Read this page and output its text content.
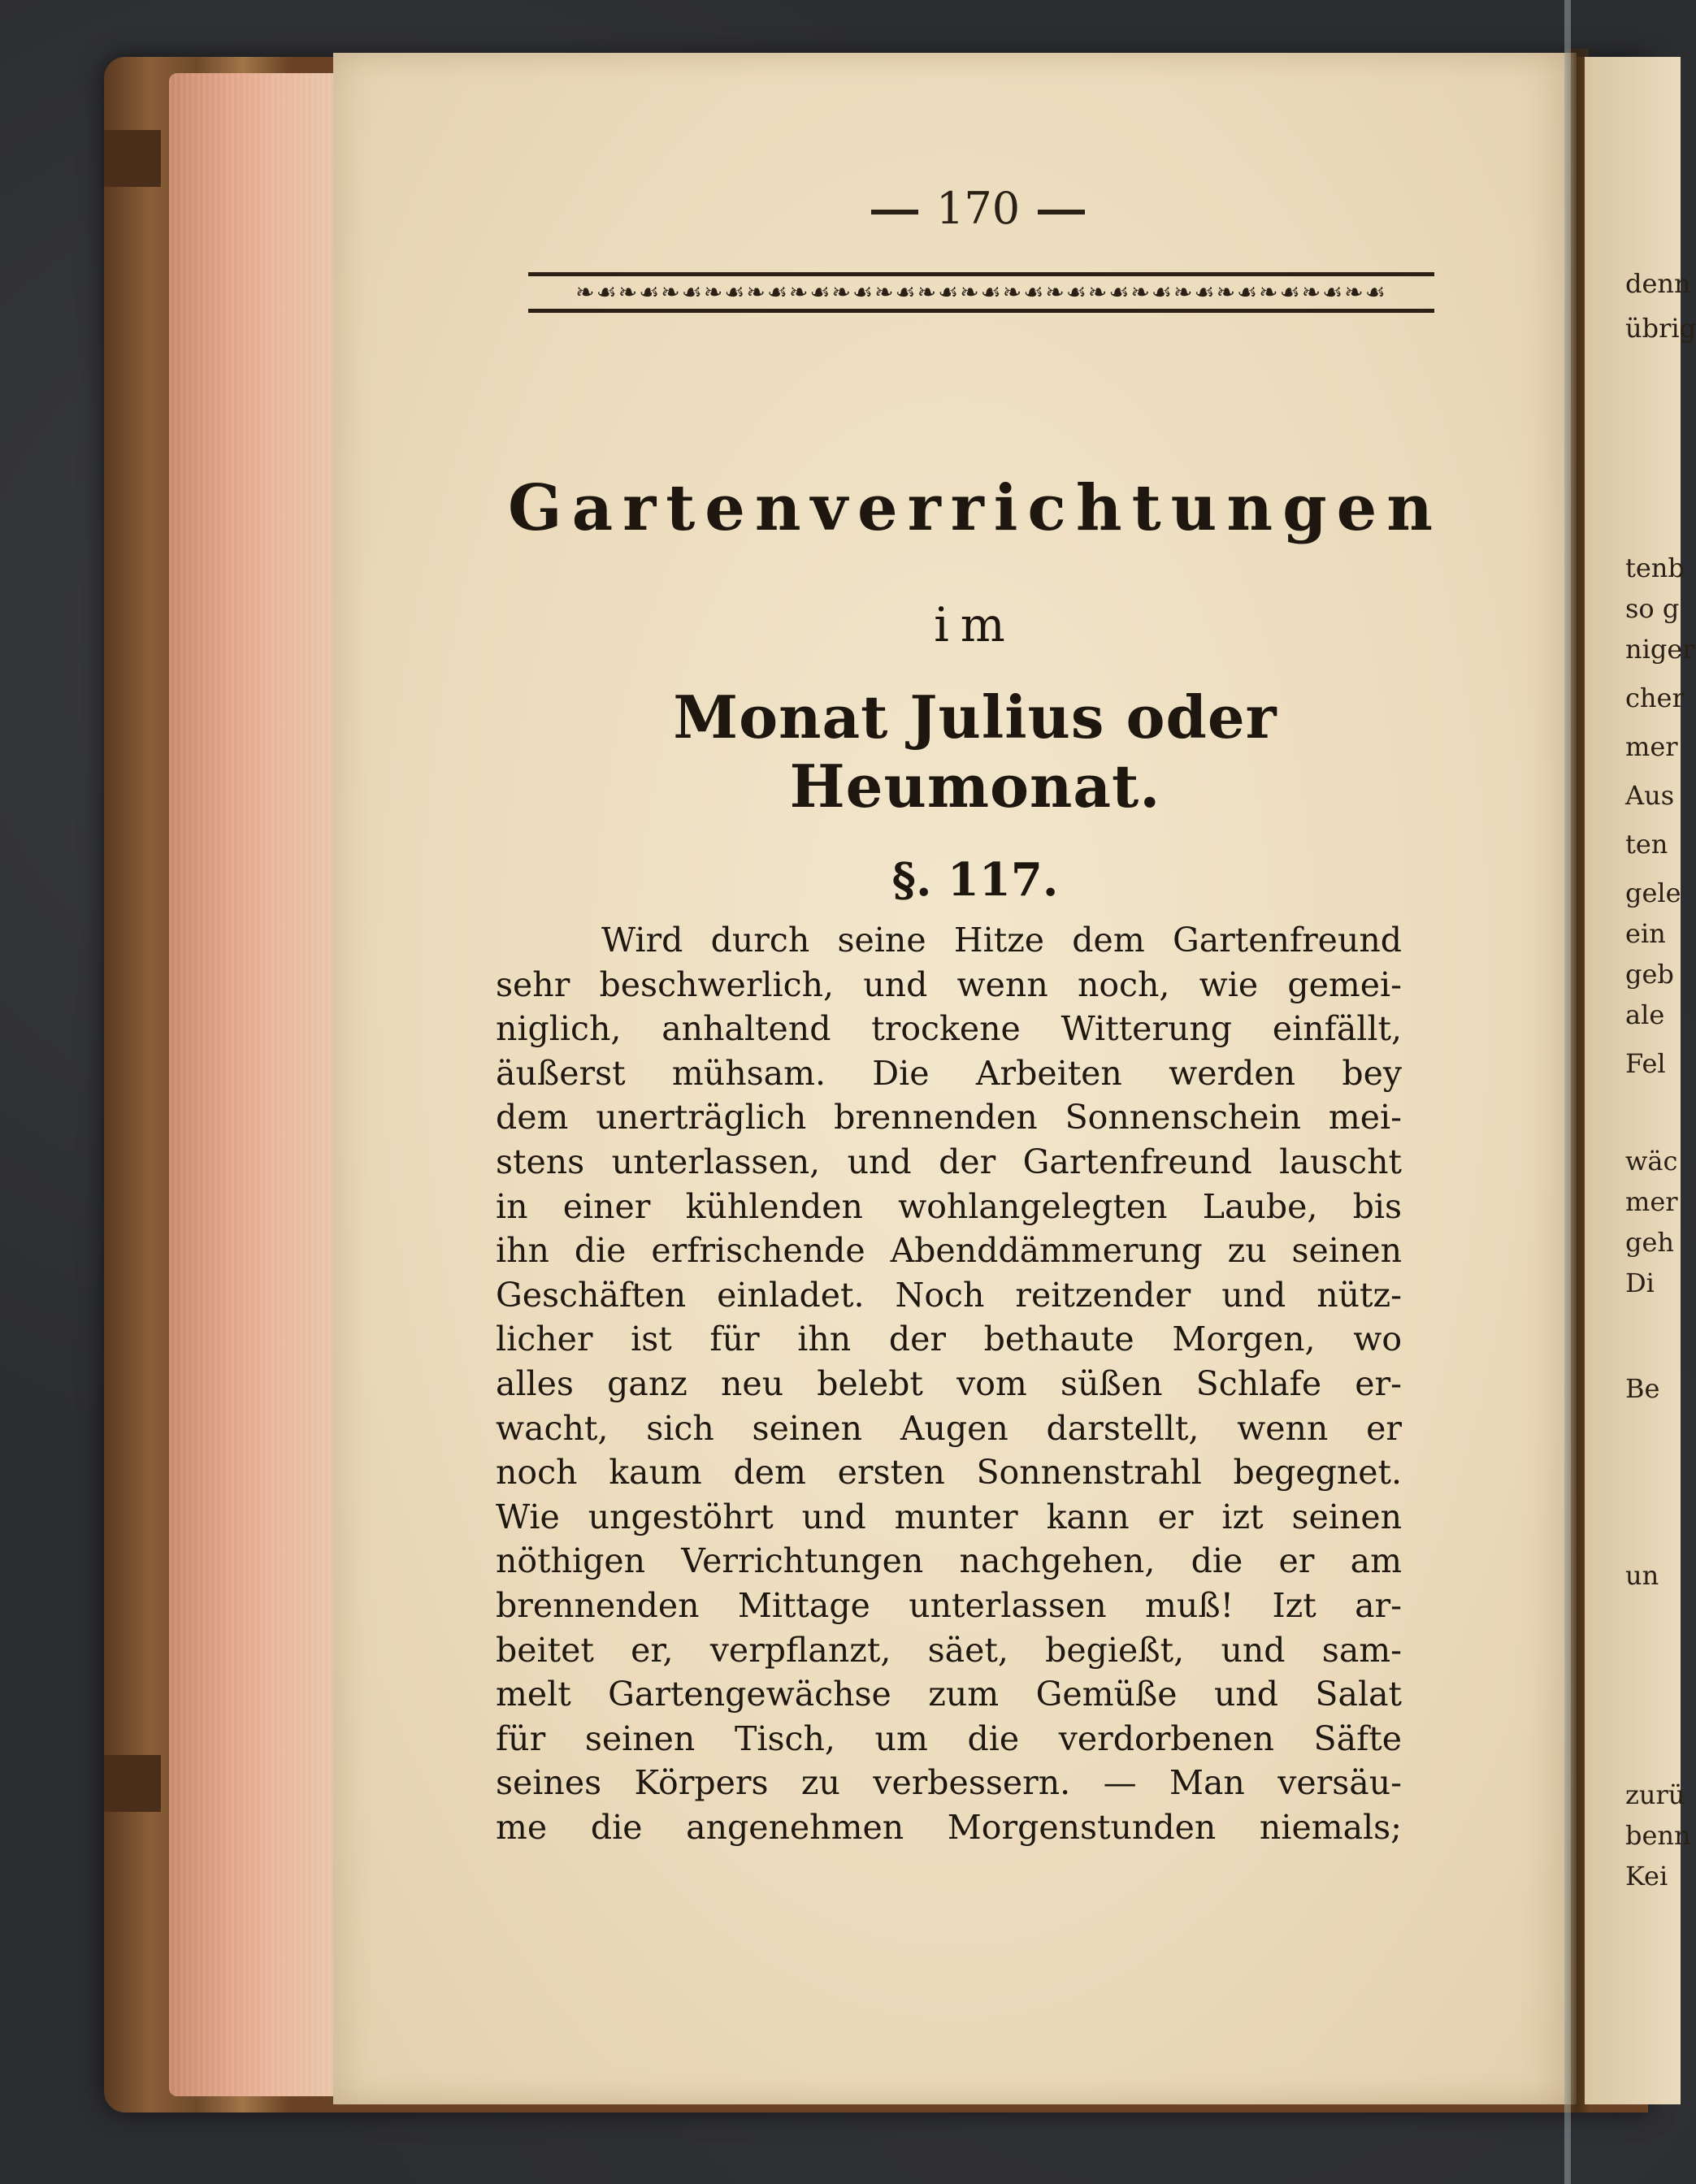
170
❧☙❧☙❧☙❧☙❧☙❧☙❧☙❧☙❧☙❧☙❧☙❧☙❧☙❧☙❧☙❧☙❧☙❧☙❧☙
Gartenverrichtungen
im
Monat Julius oder Heumonat.
§. 117.
Wird durch seine Hitze dem Gartenfreund
sehr beschwerlich, und wenn noch, wie gemei-
niglich, anhaltend trockene Witterung einfällt,
äußerst mühsam. Die Arbeiten werden bey
dem unerträglich brennenden Sonnenschein mei-
stens unterlassen, und der Gartenfreund lauscht
in einer kühlenden wohlangelegten Laube, bis
ihn die erfrischende Abenddämmerung zu seinen
Geschäften einladet. Noch reitzender und nütz-
licher ist für ihn der bethaute Morgen, wo
alles ganz neu belebt vom süßen Schlafe er-
wacht, sich seinen Augen darstellt, wenn er
noch kaum dem ersten Sonnenstrahl begegnet.
Wie ungestöhrt und munter kann er izt seinen
nöthigen Verrichtungen nachgehen, die er am
brennenden Mittage unterlassen muß! Izt ar-
beitet er, verpflanzt, säet, begießt, und sam-
melt Gartengewächse zum Gemüße und Salat
für seinen Tisch, um die verdorbenen Säfte
seines Körpers zu verbessern. — Man versäu-
me die angenehmen Morgenstunden niemals;
denn
übrig
tenb
so g
niger
cher
mer
Aus
ten
gele
ein
geb
ale
Fel
wäc
mer
geh
Di
Be
un
zurü
benn
Kei
